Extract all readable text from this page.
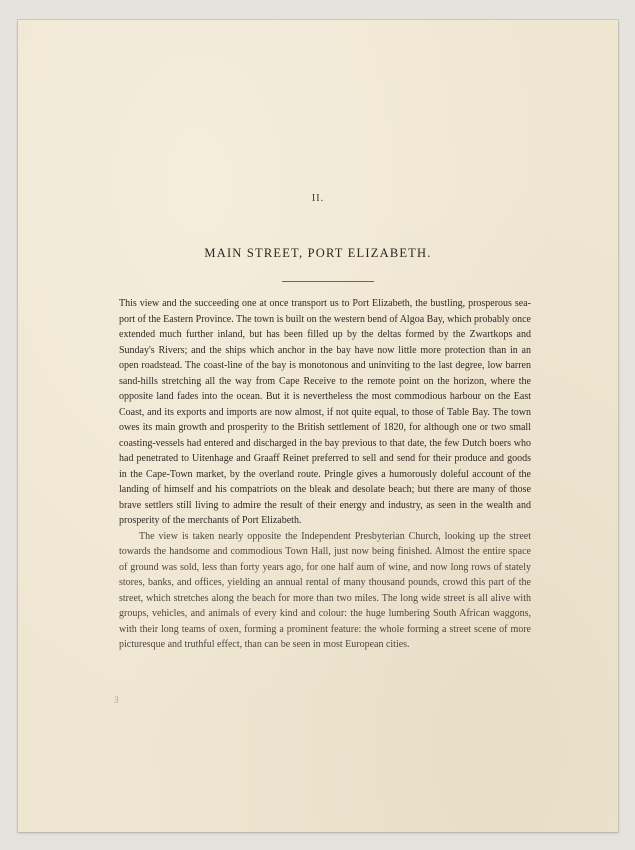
II.
MAIN STREET, PORT ELIZABETH.

This view and the succeeding one at once transport us to Port Elizabeth, the bustling, prosperous sea-port of the Eastern Province. The town is built on the western bend of Algoa Bay, which probably once extended much further inland, but has been filled up by the deltas formed by the Zwartkops and Sunday's Rivers; and the ships which anchor in the bay have now little more protection than in an open roadstead. The coast-line of the bay is monotonous and uninviting to the last degree, low barren sand-hills stretching all the way from Cape Receive to the remote point on the horizon, where the opposite land fades into the ocean. But it is nevertheless the most commodious harbour on the East Coast, and its exports and imports are now almost, if not quite equal, to those of Table Bay. The town owes its main growth and prosperity to the British settlement of 1820, for although one or two small coasting-vessels had entered and discharged in the bay previous to that date, the few Dutch boers who had penetrated to Uitenhage and Graaff Reinet preferred to sell and send for their produce and goods in the Cape-Town market, by the overland route. Pringle gives a humorously doleful account of the landing of himself and his compatriots on the bleak and desolate beach; but there are many of those brave settlers still living to admire the result of their energy and industry, as seen in the wealth and prosperity of the merchants of Port Elizabeth.

The view is taken nearly opposite the Independent Presbyterian Church, looking up the street towards the handsome and commodious Town Hall, just now being finished. Almost the entire space of ground was sold, less than forty years ago, for one half aum of wine, and now long rows of stately stores, banks, and offices, yielding an annual rental of many thousand pounds, crowd this part of the street, which stretches along the beach for more than two miles. The long wide street is all alive with groups, vehicles, and animals of every kind and colour: the huge lumbering South African waggons, with their long teams of oxen, forming a prominent feature: the whole forming a street scene of more picturesque and truthful effect, than can be seen in most European cities.

3
